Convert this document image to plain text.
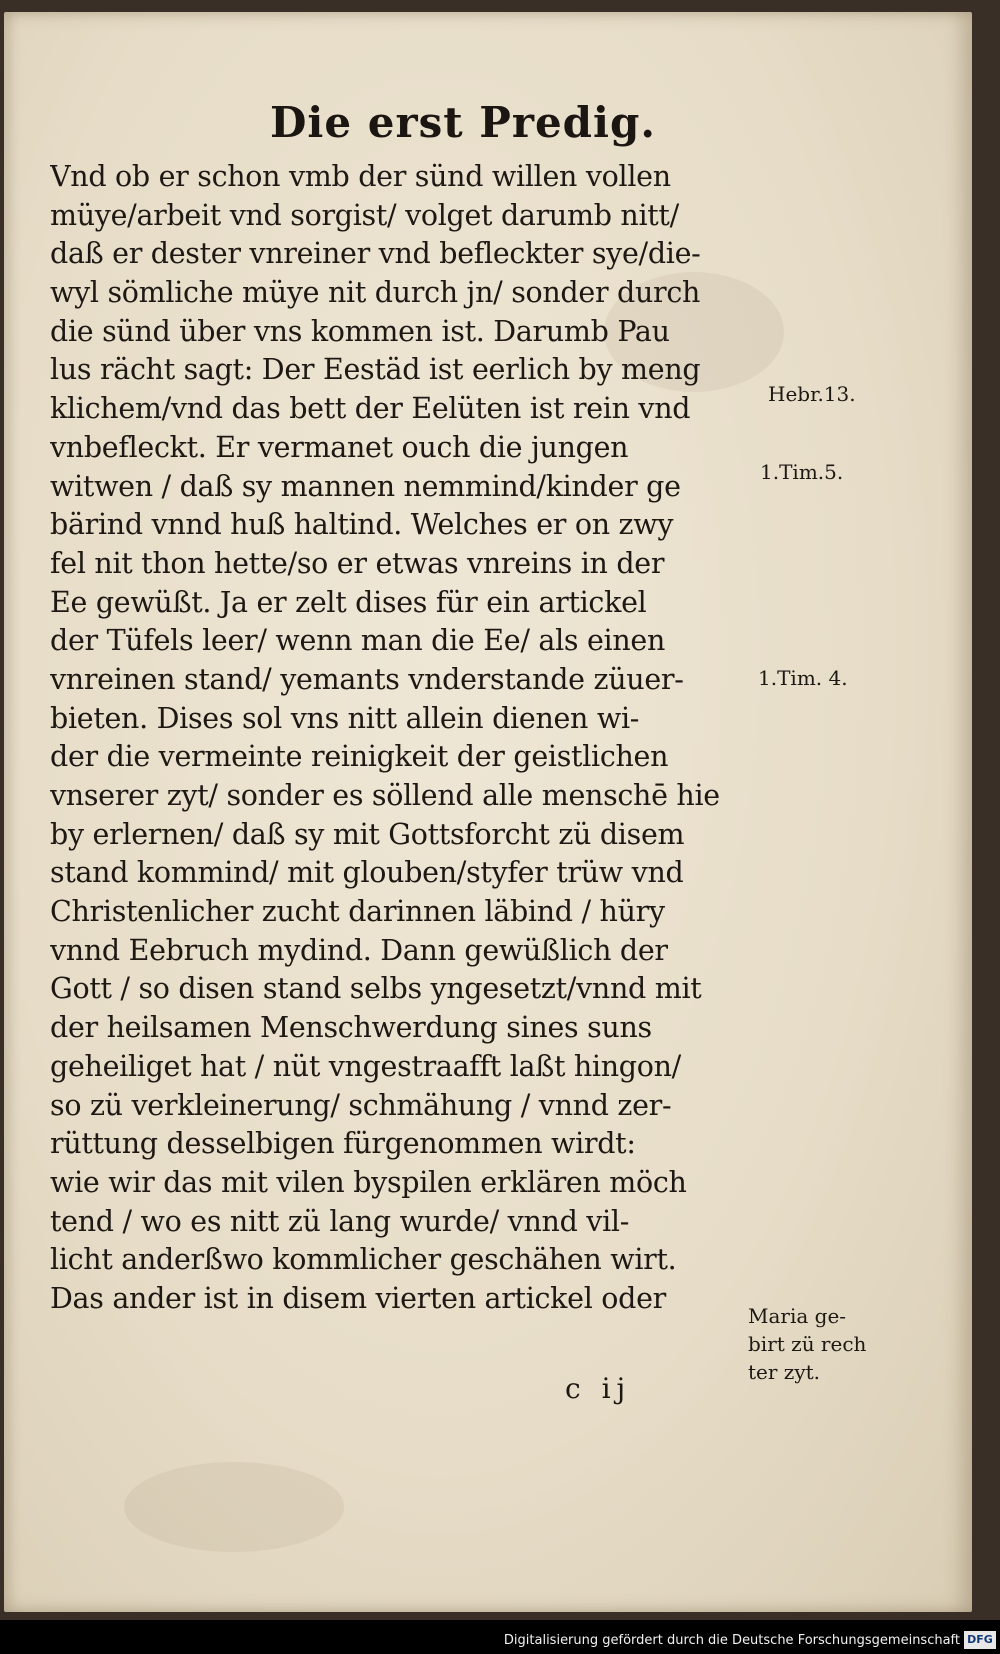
Die erst Predig.
Vnd ob er schon vmb der sünd willen vollen
müye/arbeit vnd sorgist/ volget darumb nitt/
daß er dester vnreiner vnd befleckter sye/die-
wyl sömliche müye nit durch jn/ sonder durch
die sünd über vns kommen ist. Darumb Pau
lus rächt sagt: Der Eestäd ist eerlich by meng
klichem/vnd das bett der Eelüten ist rein vnd
vnbefleckt. Er vermanet ouch die jungen
witwen / daß sy mannen nemmind/kinder ge
bärind vnnd huß haltind. Welches er on zwy
fel nit thon hette/so er etwas vnreins in der
Ee gewüßt. Ja er zelt dises für ein artickel
der Tüfels leer/ wenn man die Ee/ als einen
vnreinen stand/ yemants vnderstande züuer-
bieten. Dises sol vns nitt allein dienen wi-
der die vermeinte reinigkeit der geistlichen
vnserer zyt/ sonder es söllend alle menschē hie
by erlernen/ daß sy mit Gottsforcht zü disem
stand kommind/ mit glouben/styfer trüw vnd
Christenlicher zucht darinnen läbind / hüry
vnnd Eebruch mydind. Dann gewüßlich der
Gott / so disen stand selbs yngesetzt/vnnd mit
der heilsamen Menschwerdung sines suns
geheiliget hat / nüt vngestraafft laßt hingon/
so zü verkleinerung/ schmähung / vnnd zer-
rüttung desselbigen fürgenommen wirdt:
wie wir das mit vilen byspilen erklären möch
tend / wo es nitt zü lang wurde/ vnnd vil-
licht anderßwo kommlicher geschähen wirt.
Das ander ist in disem vierten artickel oder
Hebr.13.
1.Tim.5.
1.Tim. 4.
Maria ge-
birt zü rech
ter zyt.
c ij
Digitalisierung gefördert durch die Deutsche Forschungsgemeinschaft DFG
